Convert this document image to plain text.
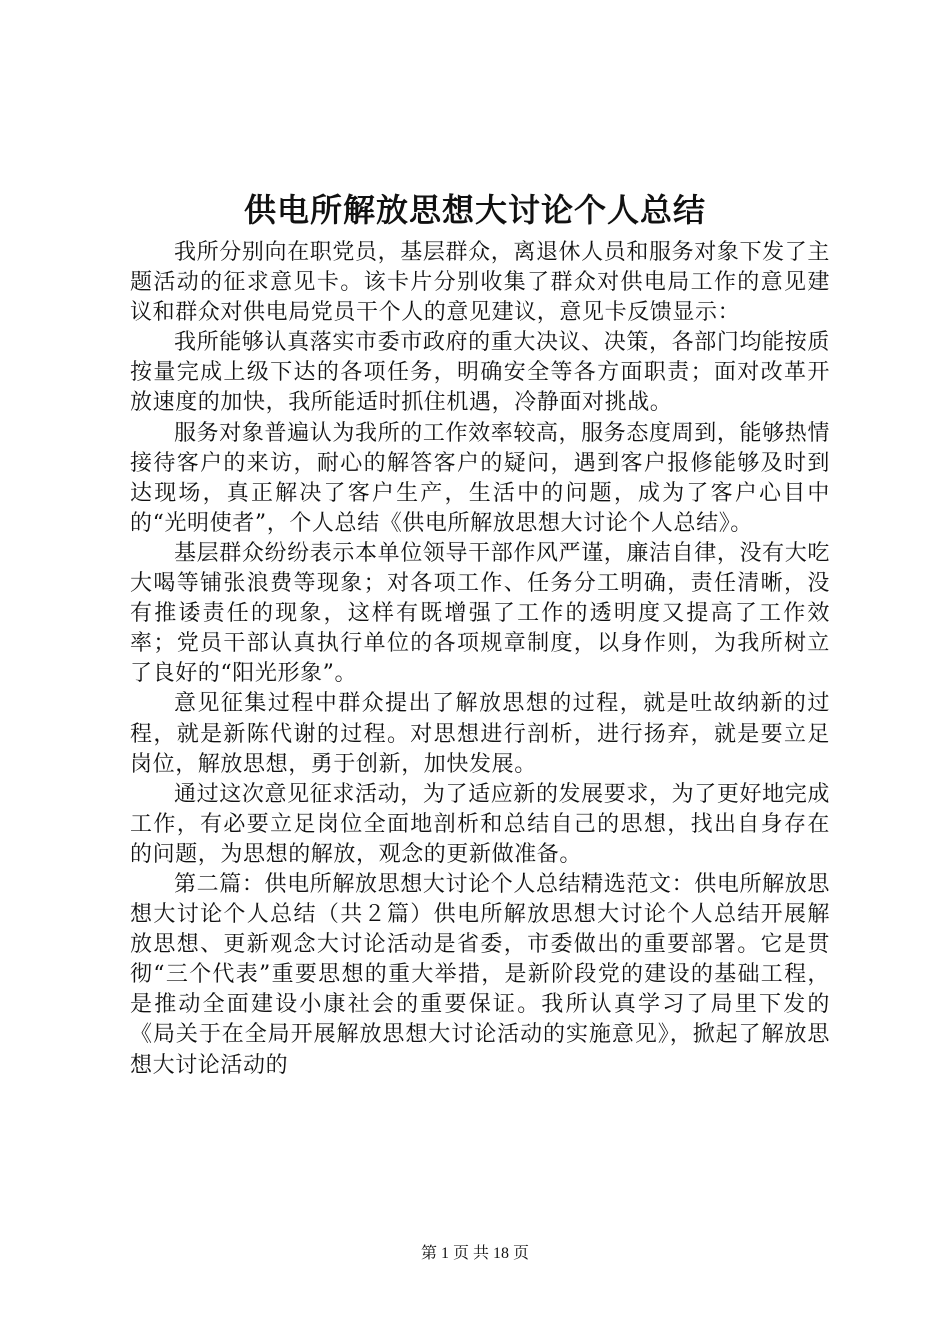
供电所解放思想大讨论个人总结

我所分别向在职党员，基层群众，离退休人员和服务对象下发了主题活动的征求意见卡。该卡片分别收集了群众对供电局工作的意见建议和群众对供电局党员干个人的意见建议，意见卡反馈显示：

我所能够认真落实市委市政府的重大决议、决策，各部门均能按质按量完成上级下达的各项任务，明确安全等各方面职责；面对改革开放速度的加快，我所能适时抓住机遇，冷静面对挑战。

服务对象普遍认为我所的工作效率较高，服务态度周到，能够热情接待客户的来访，耐心的解答客户的疑问，遇到客户报修能够及时到达现场，真正解决了客户生产，生活中的问题，成为了客户心目中的“光明使者”，个人总结《供电所解放思想大讨论个人总结》。

基层群众纷纷表示本单位领导干部作风严谨，廉洁自律，没有大吃大喝等铺张浪费等现象；对各项工作、任务分工明确，责任清晰，没有推诿责任的现象，这样有既增强了工作的透明度又提高了工作效率；党员干部认真执行单位的各项规章制度，以身作则，为我所树立了良好的“阳光形象”。

意见征集过程中群众提出了解放思想的过程，就是吐故纳新的过程，就是新陈代谢的过程。对思想进行剖析，进行扬弃，就是要立足岗位，解放思想，勇于创新，加快发展。

通过这次意见征求活动，为了适应新的发展要求，为了更好地完成工作，有必要立足岗位全面地剖析和总结自己的思想，找出自身存在的问题，为思想的解放，观念的更新做准备。

第二篇：供电所解放思想大讨论个人总结精选范文：供电所解放思想大讨论个人总结（共２篇）供电所解放思想大讨论个人总结开展解放思想、更新观念大讨论活动是省委，市委做出的重要部署。它是贯彻“三个代表”重要思想的重大举措，是新阶段党的建设的基础工程，是推动全面建设小康社会的重要保证。我所认真学习了局里下发的《局关于在全局开展解放思想大讨论活动的实施意见》，掀起了解放思想大讨论活动的

第 1 页 共 18 页
